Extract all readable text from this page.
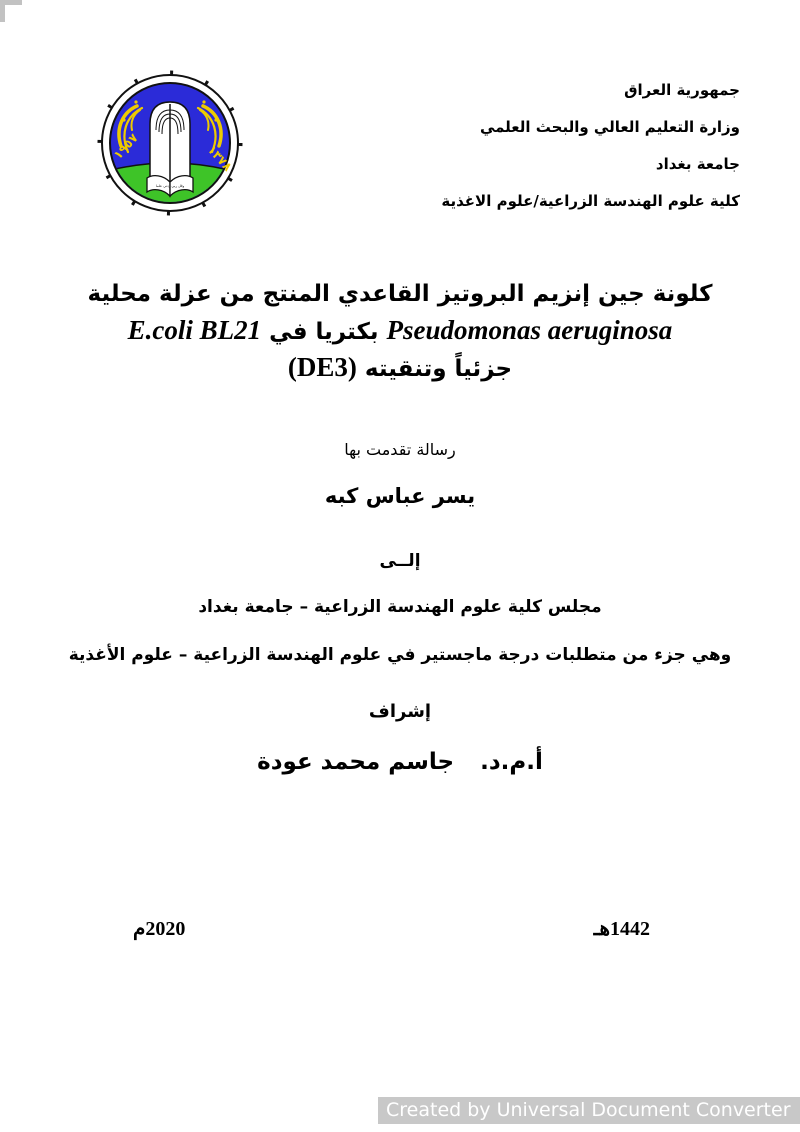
وقل ربي زدني علما
١٩٥٧	١٣٧٨
جمهورية العراق
وزارة التعليم العالي والبحث العلمي
جامعة بغداد
كلية علوم الهندسة الزراعية/علوم الاغذية
كلونة جين إنزيم البروتيز القاعدي المنتج من عزلة محلية
E.coli BL21 في بكتريا Pseudomonas aeruginosa
(DE3) وتنقيته جزئياً
رسالة تقدمت بها
يسر عباس كبه
إلــى
مجلس كلية علوم الهندسة الزراعية – جامعة بغداد
وهي جزء من متطلبات درجة ماجستير في علوم الهندسة الزراعية – علوم الأغذية
إشراف
أ.م.د. جاسم محمد عودة
1442هـ
2020م
Created by Universal Document Converter
